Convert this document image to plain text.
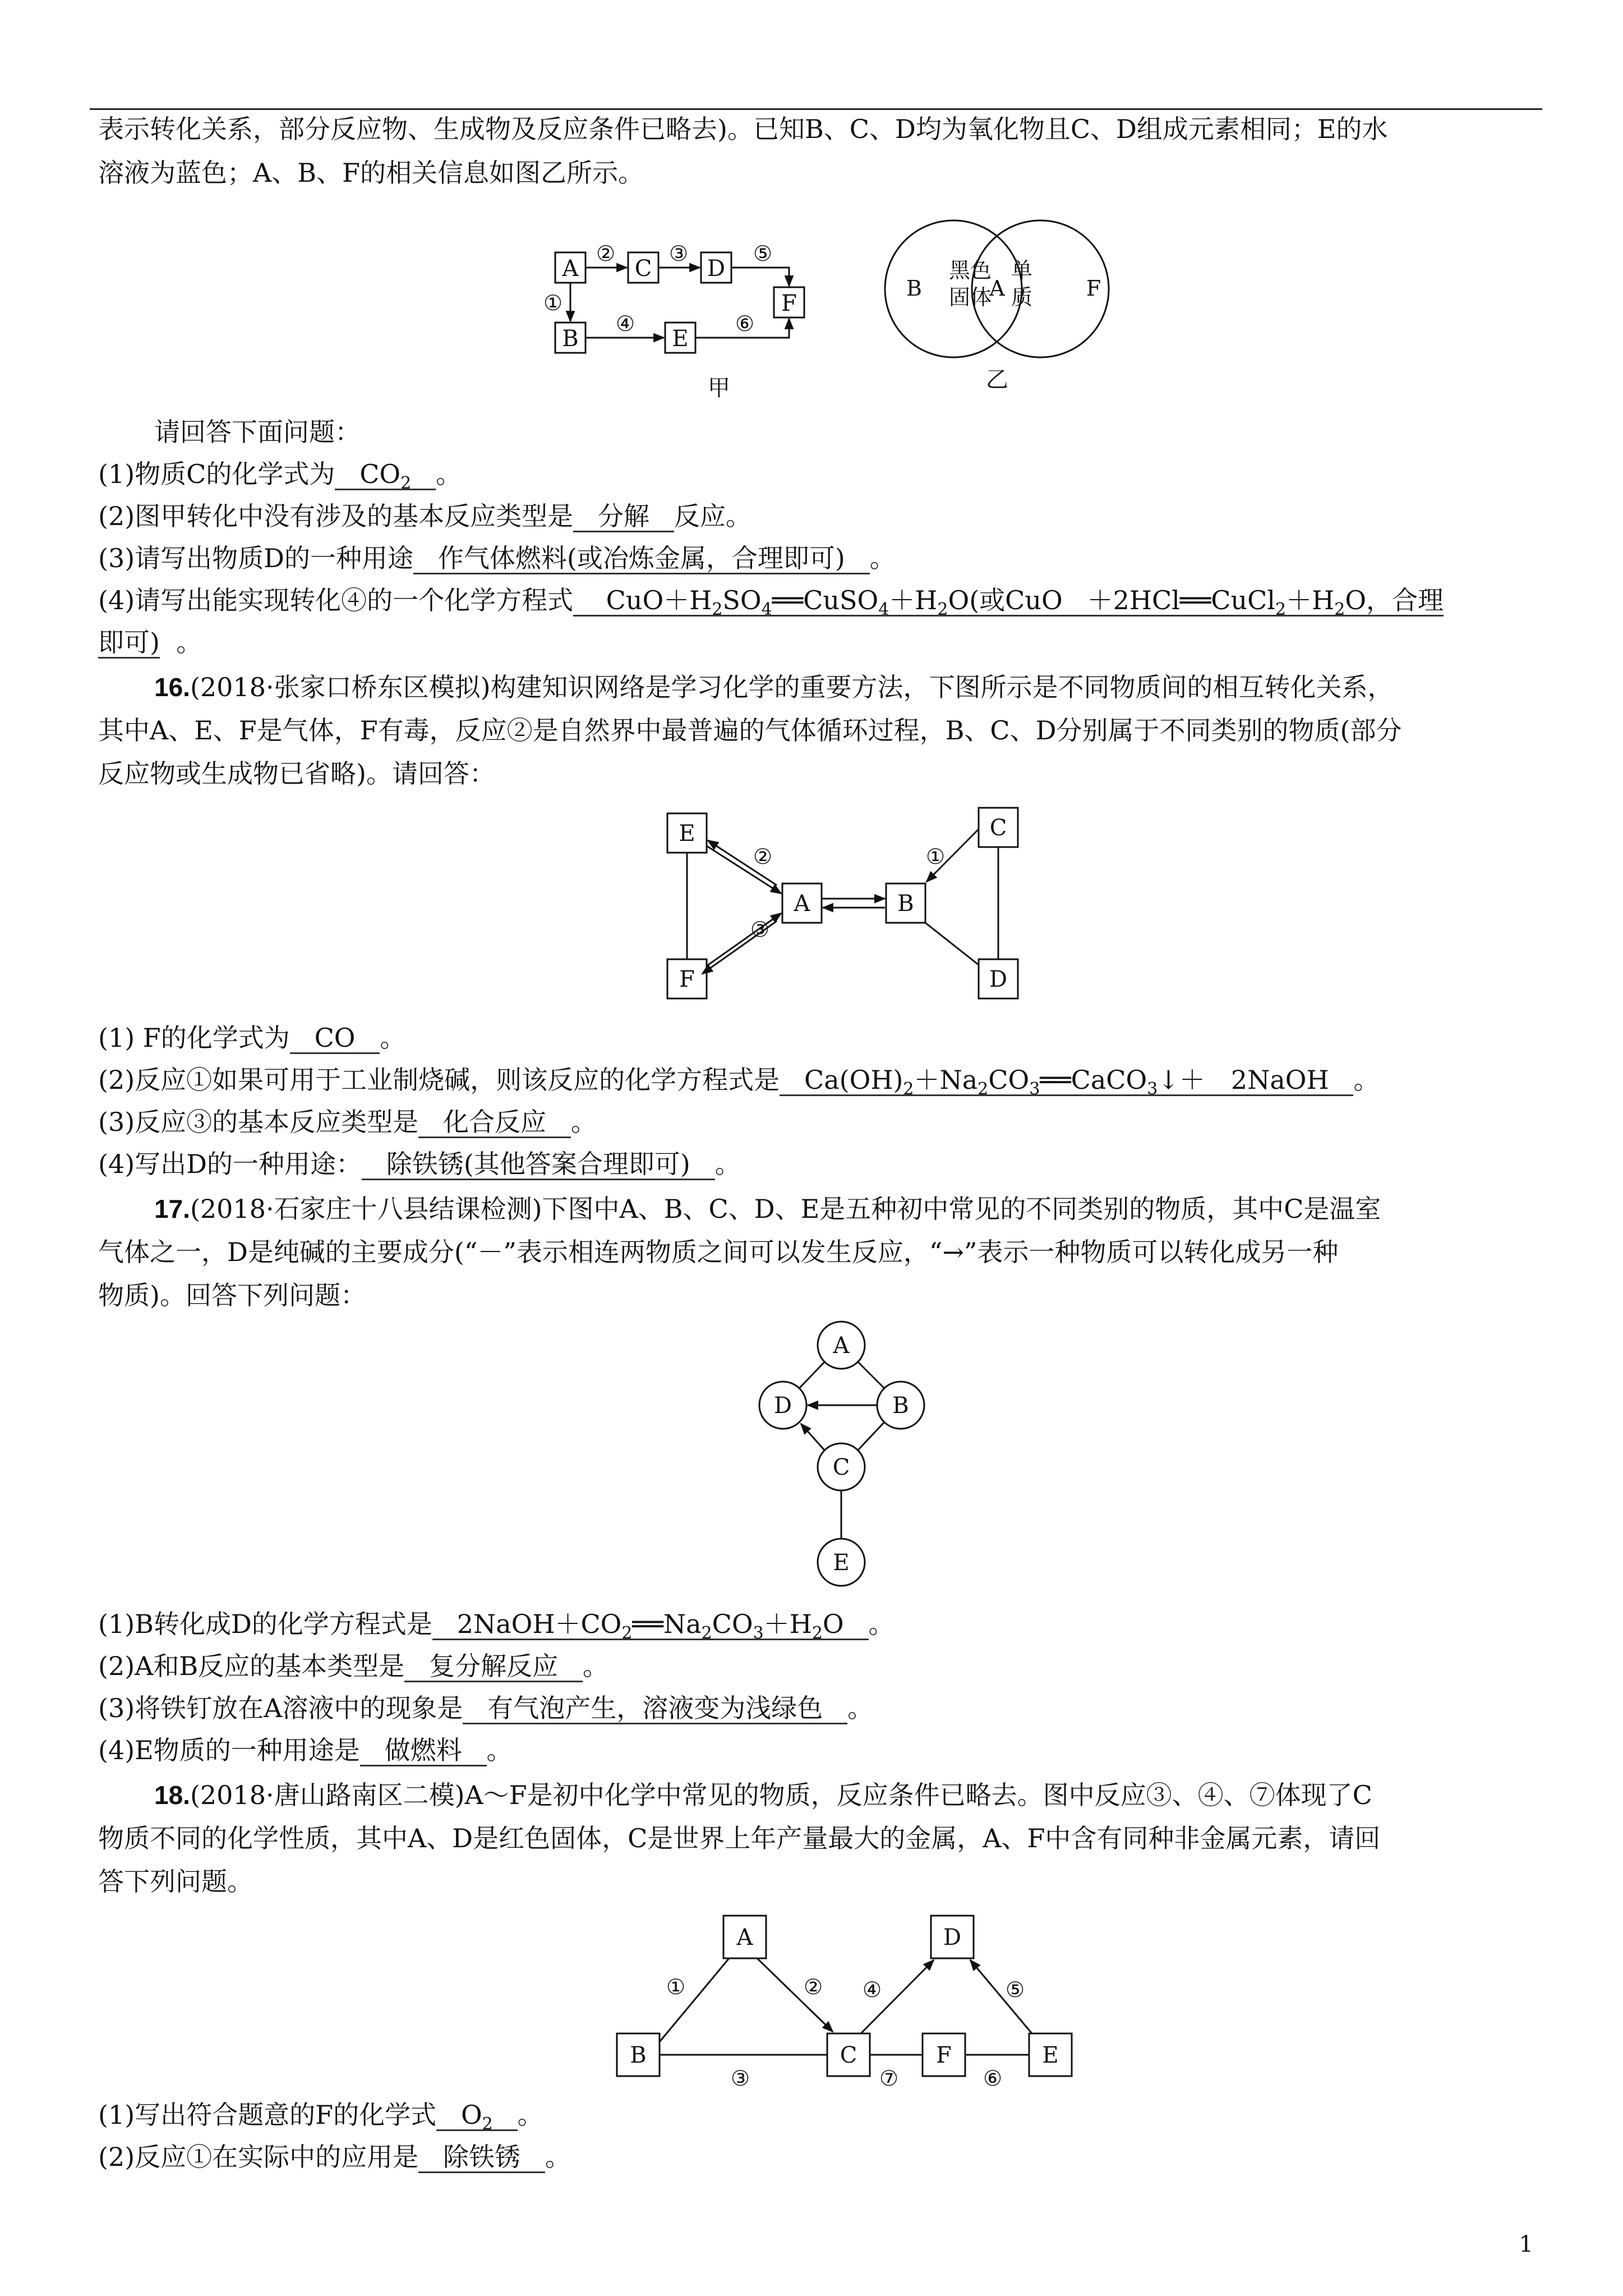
表示转化关系，部分反应物、生成物及反应条件已略去)。已知B、C、D均为氧化物且C、D组成元素相同；E的水
溶液为蓝色；A、B、F的相关信息如图乙所示。
A	C D
F
B	E
②	③	⑤
①
④	⑥
甲
B	A	F
黑色
固体
单
质
乙
请回答下面问题：
(1)物质C的化学式为 $CO_2$ 。
(2)图甲转化中没有涉及的基本反应类型是 分解 反应。
(3)请写出物质D的一种用途 作气体燃料(或冶炼金属，合理即可) 。
(4)请写出能实现转化④的一个化学方程式 $CuO+H_2SO_4══CuSO_4+H_2O$(或CuO $+2HCl══CuCl_2+H_2O$，合理
即可) 。
16.(2018·张家口桥东区模拟)构建知识网络是学习化学的重要方法，下图所示是不同物质间的相互转化关系，
其中A、E、F是气体，F有毒，反应②是自然界中最普遍的气体循环过程，B、C、D分别属于不同类别的物质(部分
反应物或生成物已省略)。请回答：
E
A	B
C
D
F
②
③
①
(1) F的化学式为 CO 。
(2)反应①如果可用于工业制烧碱，则该反应的化学方程式是 $Ca(OH)_2+Na_2CO_3══CaCO_3↓+$　2NaOH 。
(3)反应③的基本反应类型是 化合反应 。
(4)写出D的一种用途： 除铁锈(其他答案合理即可) 。
17.(2018·石家庄十八县结课检测)下图中A、B、C、D、E是五种初中常见的不同类别的物质，其中C是温室
气体之一，D是纯碱的主要成分(“－”表示相连两物质之间可以发生反应，“→”表示一种物质可以转化成另一种
物质)。回答下列问题：
A
D	B
C
E
(1)B转化成D的化学方程式是 $2NaOH+CO_2══Na_2CO_3+H_2O$ 。
(2)A和B反应的基本类型是 复分解反应 。
(3)将铁钉放在A溶液中的现象是 有气泡产生，溶液变为浅绿色 。
(4)E物质的一种用途是 做燃料 。
18.(2018·唐山路南区二模)A～F是初中化学中常见的物质，反应条件已略去。图中反应③、④、⑦体现了C
物质不同的化学性质，其中A、D是红色固体，C是世界上年产量最大的金属，A、F中含有同种非金属元素，请回
答下列问题。
A	D
B	C	F	E
①	② ④	⑤
③	⑦	⑥
(1)写出符合题意的F的化学式 $O_2$ 。
(2)反应①在实际中的应用是 除铁锈 。
1
